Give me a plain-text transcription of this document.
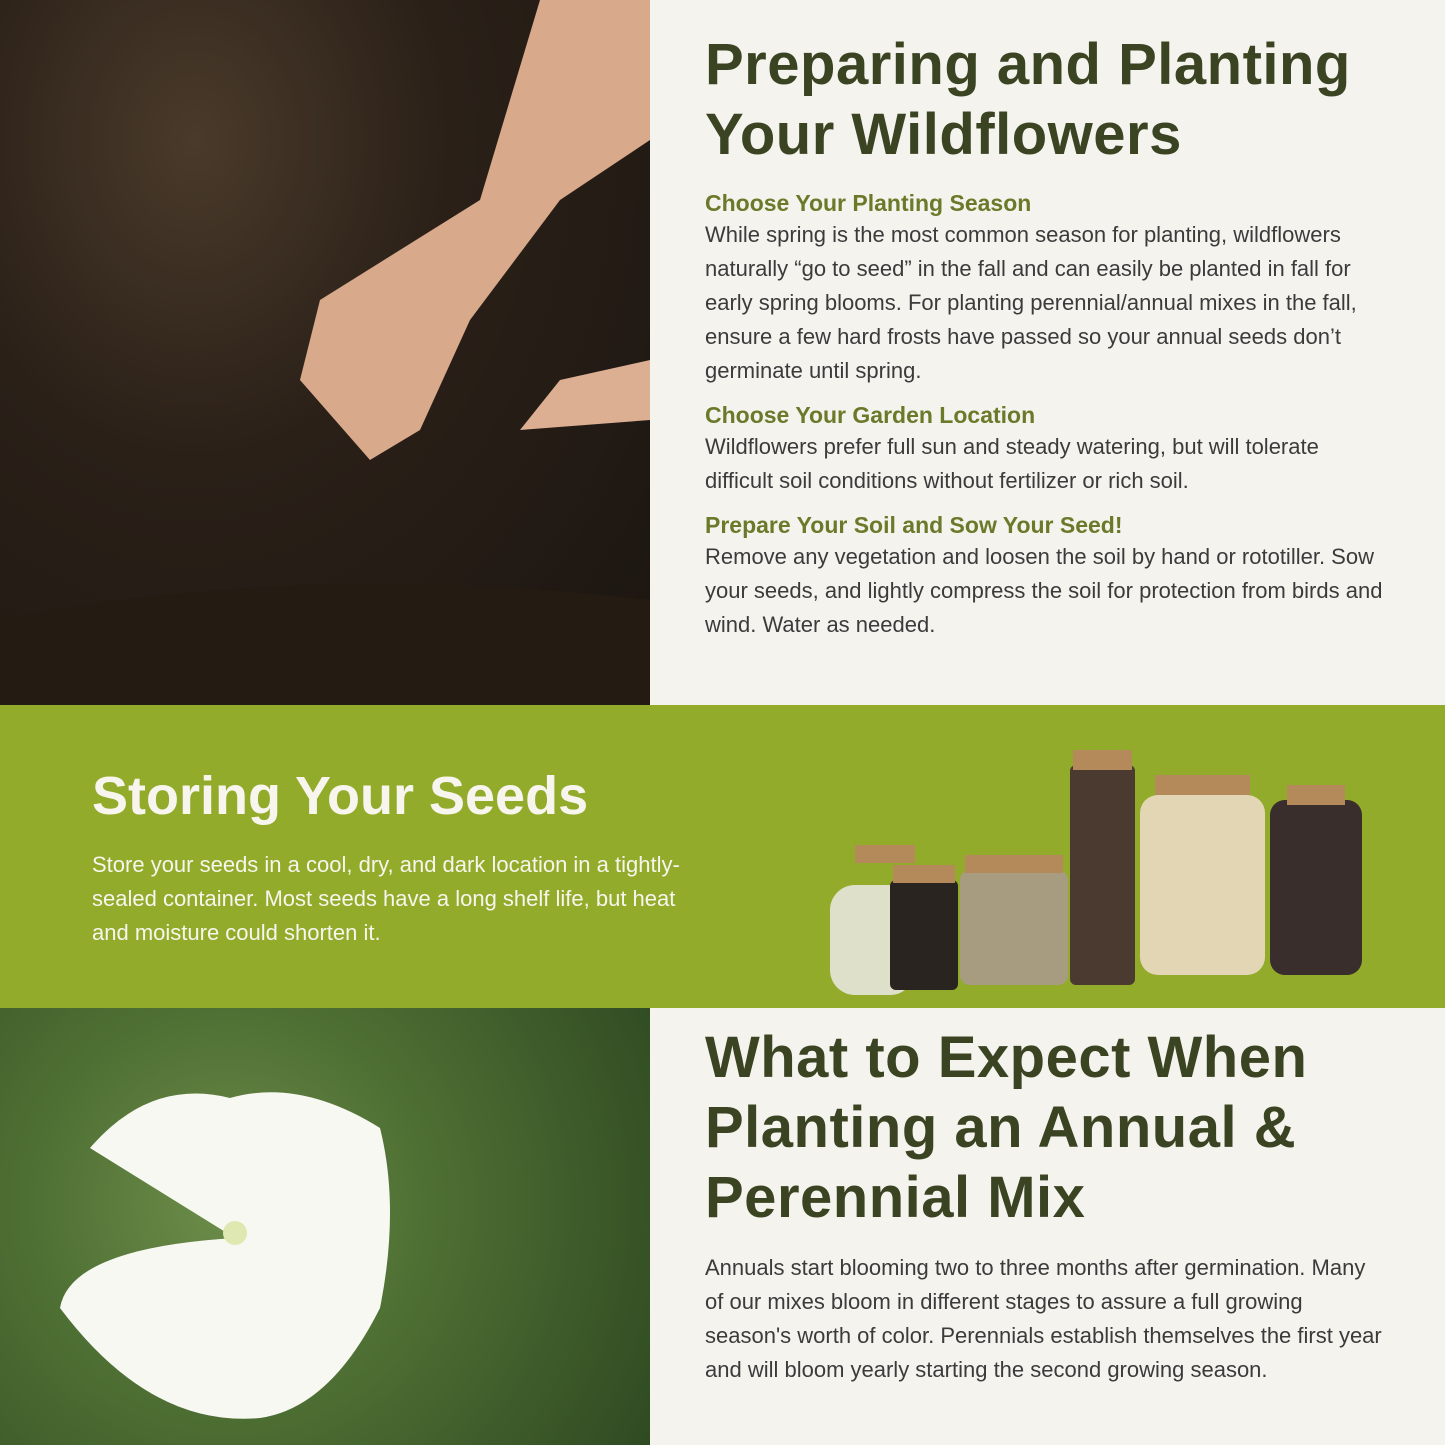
Preparing and Planting
Your Wildflowers
Choose Your Planting Season

While spring is the most common season for planting, wildflowers naturally “go to seed” in the fall and can easily be planted in fall for early spring blooms. For planting perennial/annual mixes in the fall, ensure a few hard frosts have passed so your annual seeds don’t germinate until spring.

Choose Your Garden Location

Wildflowers prefer full sun and steady watering, but will tolerate difficult soil conditions without fertilizer or rich soil.

Prepare Your Soil and Sow Your Seed!

Remove any vegetation and loosen the soil by hand or rototiller. Sow your seeds, and lightly compress the soil for protection from birds and wind. Water as needed.

Storing Your Seeds

Store your seeds in a cool, dry, and dark location in a tightly-sealed container. Most seeds have a long shelf life, but heat and moisture could shorten it.

What to Expect When
Planting an Annual &
Perennial Mix

Annuals start blooming two to three months after germination. Many of our mixes bloom in different stages to assure a full growing season's worth of color. Perennials establish themselves the first year and will bloom yearly starting the second growing season.
